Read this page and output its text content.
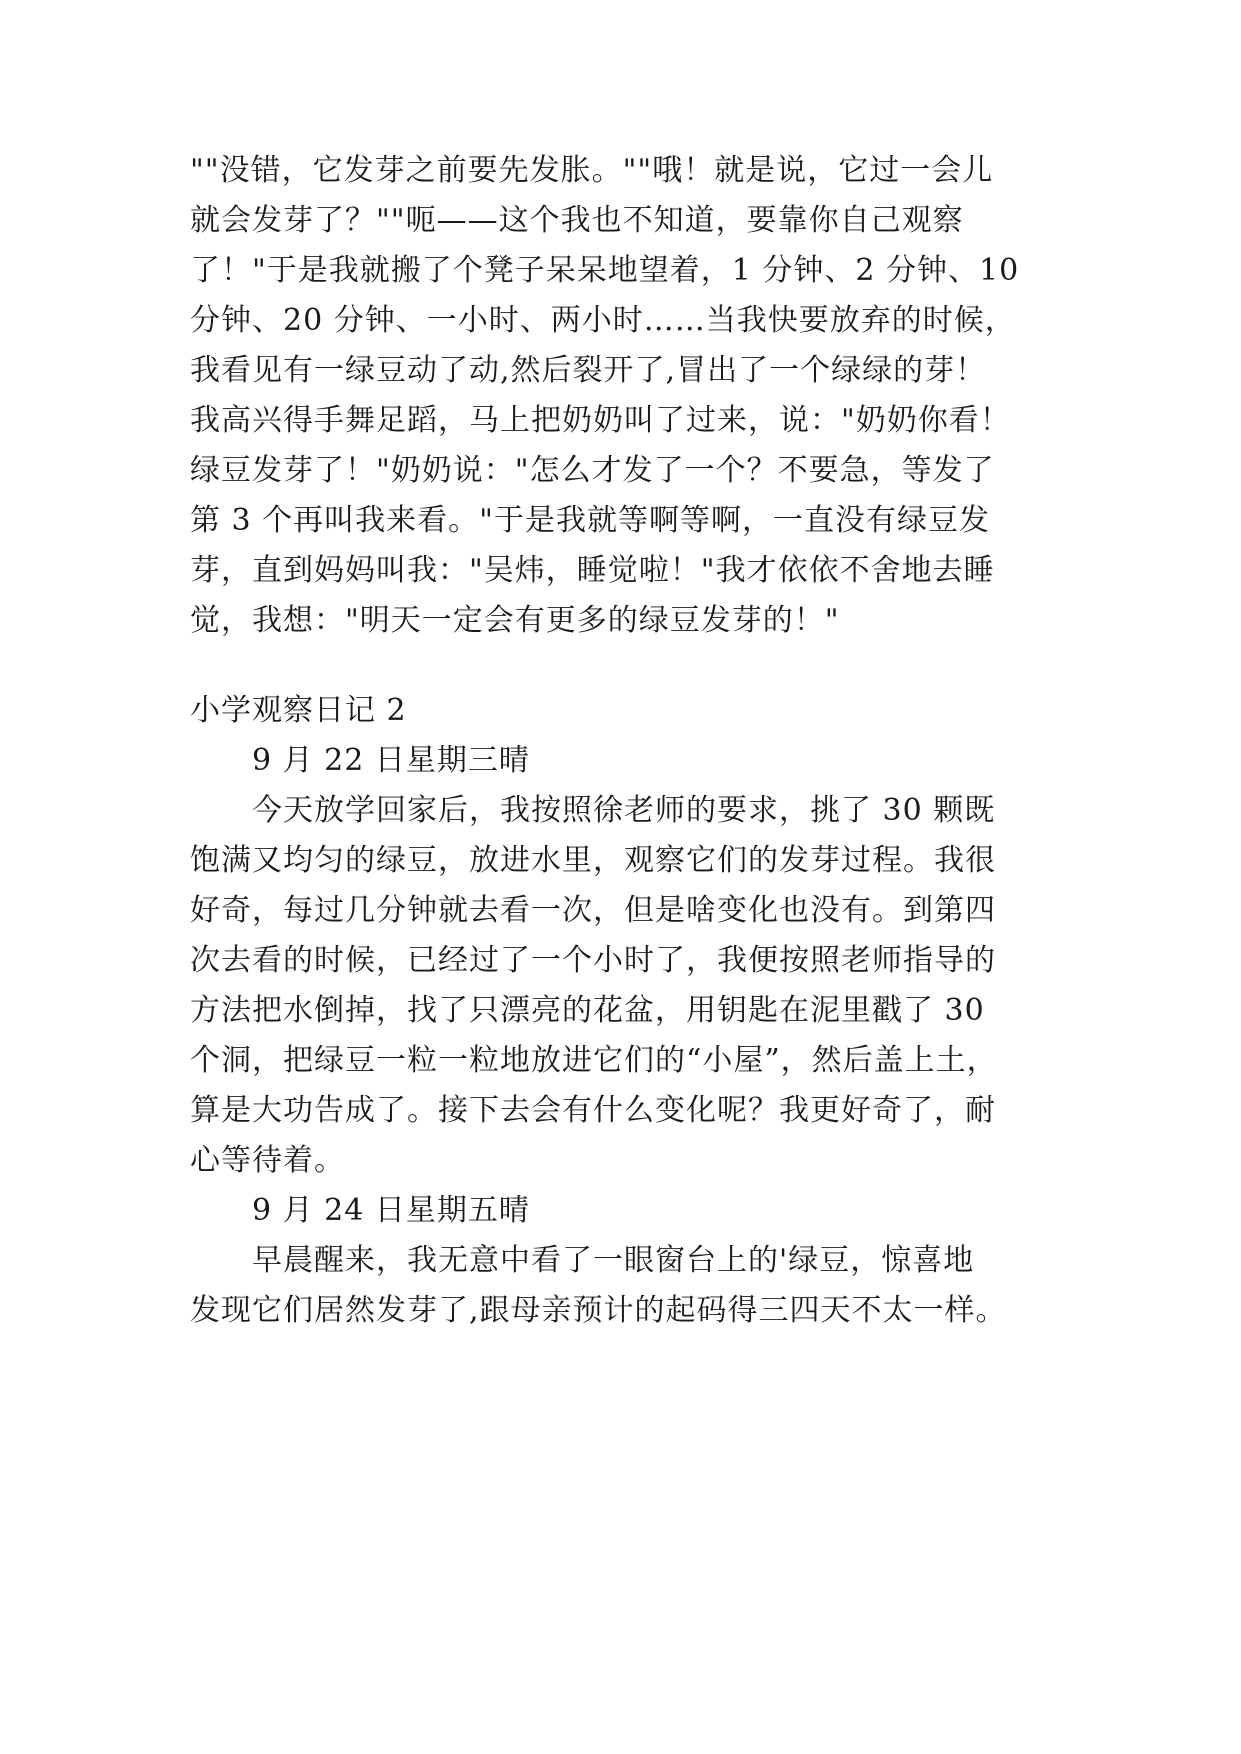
""没错，它发芽之前要先发胀。""哦！就是说，它过一会儿
就会发芽了？""呃——这个我也不知道，要靠你自己观察
了！"于是我就搬了个凳子呆呆地望着，1 分钟、2 分钟、10
分钟、20 分钟、一小时、两小时……当我快要放弃的时候，
我看见有一绿豆动了动,然后裂开了,冒出了一个绿绿的芽！
我高兴得手舞足蹈，马上把奶奶叫了过来，说："奶奶你看！
绿豆发芽了！"奶奶说："怎么才发了一个？不要急，等发了
第 3 个再叫我来看。"于是我就等啊等啊，一直没有绿豆发
芽，直到妈妈叫我："吴炜，睡觉啦！"我才依依不舍地去睡
觉，我想："明天一定会有更多的绿豆发芽的！"
小学观察日记 2
9 月 22 日星期三晴
今天放学回家后，我按照徐老师的要求，挑了 30 颗既
饱满又均匀的绿豆，放进水里，观察它们的发芽过程。我很
好奇，每过几分钟就去看一次，但是啥变化也没有。到第四
次去看的时候，已经过了一个小时了，我便按照老师指导的
方法把水倒掉，找了只漂亮的花盆，用钥匙在泥里戳了 30
个洞，把绿豆一粒一粒地放进它们的“小屋”，然后盖上土，
算是大功告成了。接下去会有什么变化呢？我更好奇了，耐
心等待着。
9 月 24 日星期五晴
早晨醒来，我无意中看了一眼窗台上的'绿豆，惊喜地
发现它们居然发芽了,跟母亲预计的起码得三四天不太一样。
